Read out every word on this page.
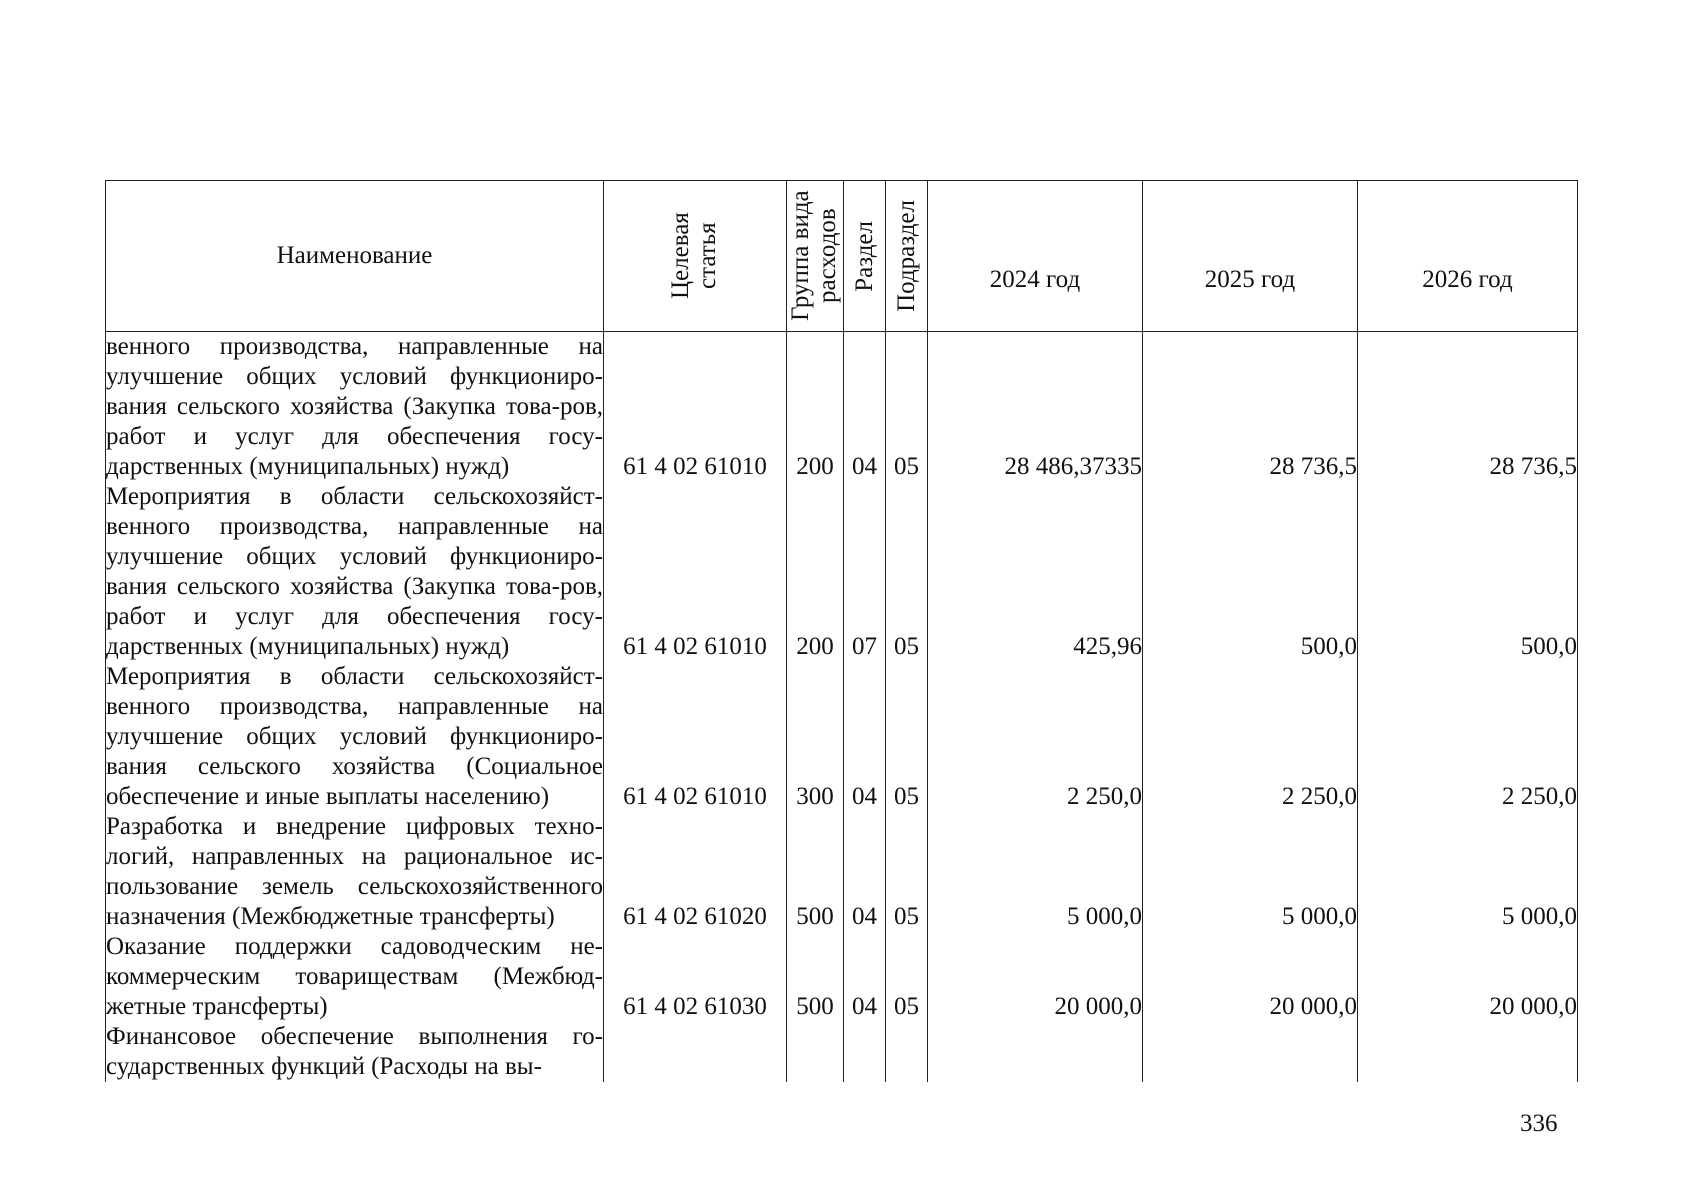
Наименование	Целевая статья	Группа вида расходов	Раздел	Подраздел	2024 год	2025 год	2026 год

венного производства, направленные на улучшение общих условий функциониро-вания сельского хозяйства (Закупка това-ров, работ и услуг для обеспечения госу-дарственных (муниципальных) нужд)	61 4 02 61010	200	04	05	28 486,37335	28 736,5	28 736,5
Мероприятия в области сельскохозяйст-венного производства, направленные на улучшение общих условий функциониро-вания сельского хозяйства (Закупка това-ров, работ и услуг для обеспечения госу-дарственных (муниципальных) нужд)	61 4 02 61010	200	07	05	425,96	500,0	500,0
Мероприятия в области сельскохозяйст-венного производства, направленные на улучшение общих условий функциониро-вания сельского хозяйства (Социальное обеспечение и иные выплаты населению)	61 4 02 61010	300	04	05	2 250,0	2 250,0	2 250,0
Разработка и внедрение цифровых техно-логий, направленных на рациональное ис-пользование земель сельскохозяйственного назначения (Межбюджетные трансферты)	61 4 02 61020	500	04	05	5 000,0	5 000,0	5 000,0
Оказание поддержки садоводческим не-коммерческим товариществам (Межбюд-жетные трансферты)	61 4 02 61030	500	04	05	20 000,0	20 000,0	20 000,0
Финансовое обеспечение выполнения го-сударственных функций (Расходы на вы-							
336
